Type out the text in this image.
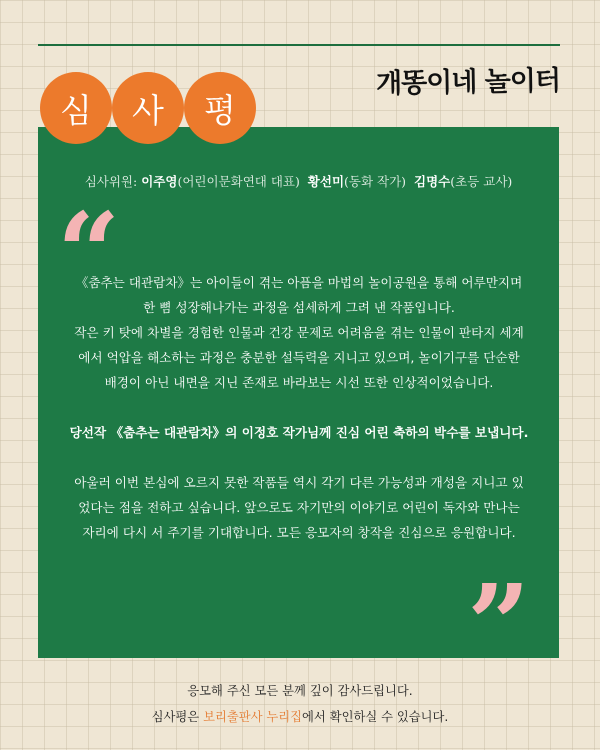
개똥이네 놀이터
심	사	평
심사위원: 이주영(어린이문화연대 대표) 황선미(동화 작가) 김명수(초등 교사)
“

《춤추는 대관람차》는 아이들이 겪는 아픔을 마법의 놀이공원을 통해 어루만지며

한 뼘 성장해나가는 과정을 섬세하게 그려 낸 작품입니다.

작은 키 탓에 차별을 경험한 인물과 건강 문제로 어려움을 겪는 인물이 판타지 세계

에서 억압을 해소하는 과정은 충분한 설득력을 지니고 있으며, 놀이기구를 단순한

배경이 아닌 내면을 지닌 존재로 바라보는 시선 또한 인상적이었습니다.

당선작 《춤추는 대관람차》의 이정호 작가님께 진심 어린 축하의 박수를 보냅니다.

아울러 이번 본심에 오르지 못한 작품들 역시 각기 다른 가능성과 개성을 지니고 있

었다는 점을 전하고 싶습니다. 앞으로도 자기만의 이야기로 어린이 독자와 만나는

자리에 다시 서 주기를 기대합니다. 모든 응모자의 창작을 진심으로 응원합니다.

”
응모해 주신 모든 분께 깊이 감사드립니다.
심사평은 보리출판사 누리집에서 확인하실 수 있습니다.
